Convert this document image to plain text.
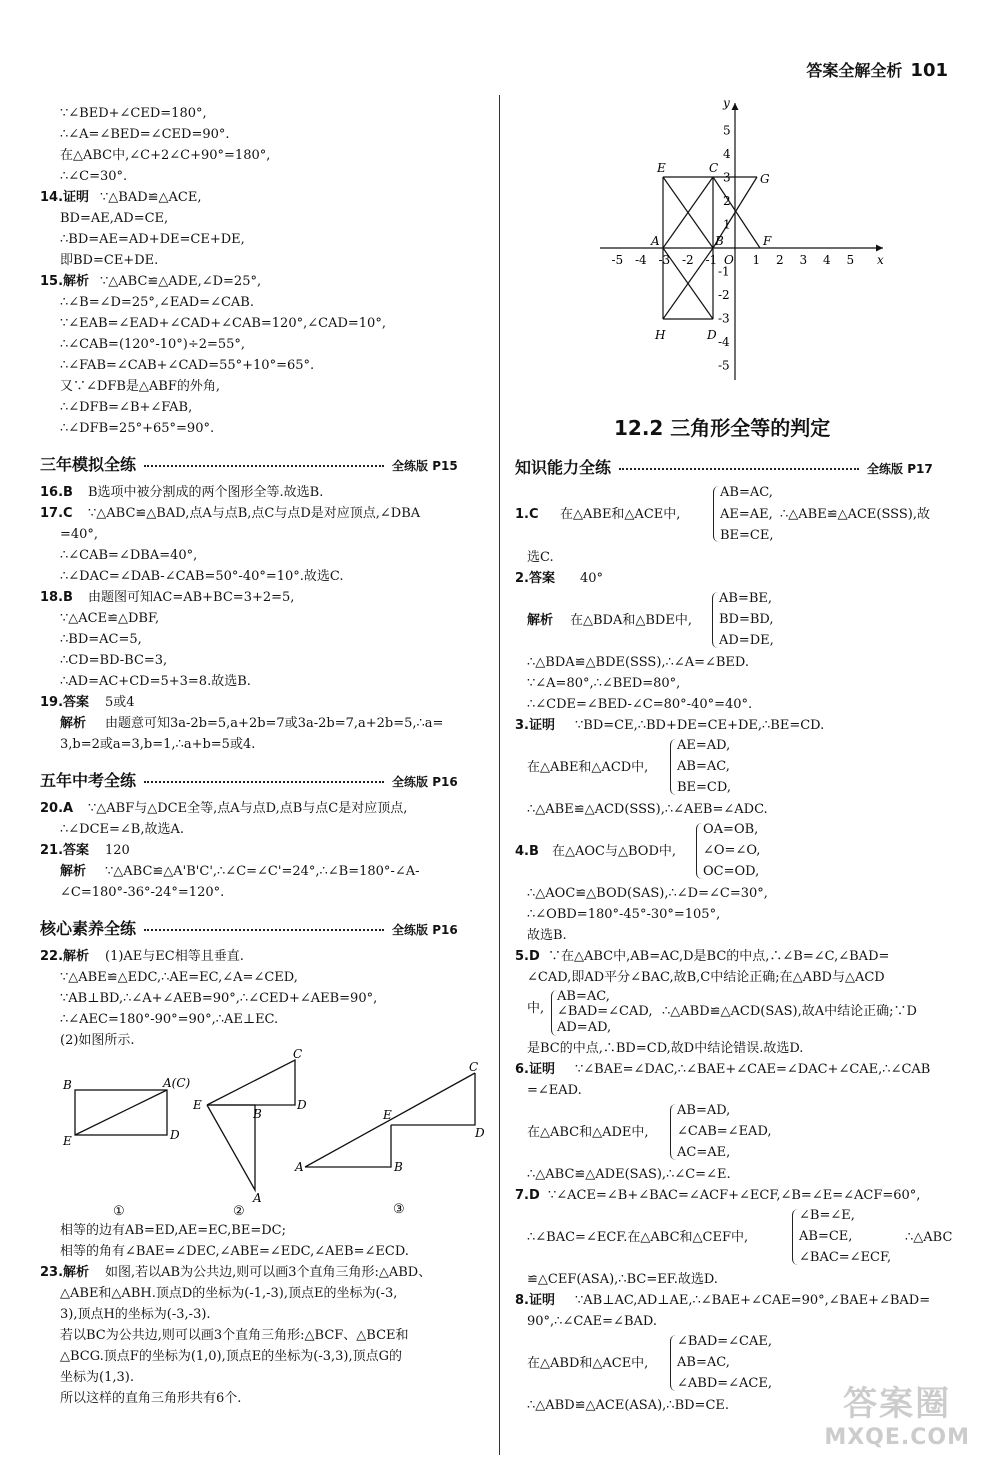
答案全解全析 101
∵∠BED+∠CED=180°,
∴∠A=∠BED=∠CED=90°.
在△ABC中,∠C+2∠C+90°=180°,
∴∠C=30°.
14.证明 ∵△BAD≌△ACE,
BD=AE,AD=CE,
∴BD=AE=AD+DE=CE+DE,
即BD=CE+DE.
15.解析 ∵△ABC≌△ADE,∠D=25°,
∴∠B=∠D=25°,∠EAD=∠CAB.
∵∠EAB=∠EAD+∠CAD+∠CAB=120°,∠CAD=10°,
∴∠CAB=(120°-10°)÷2=55°,
∴∠FAB=∠CAB+∠CAD=55°+10°=65°.
又∵∠DFB是△ABF的外角,
∴∠DFB=∠B+∠FAB,
∴∠DFB=25°+65°=90°.
三年模拟全练	全练版 P15
16.B B选项中被分割成的两个图形全等.故选B.
17.C ∵△ABC≌△BAD,点A与点B,点C与点D是对应顶点,∠DBA
=40°,
∴∠CAB=∠DBA=40°,
∴∠DAC=∠DAB-∠CAB=50°-40°=10°.故选C.
18.B 由题图可知AC=AB+BC=3+2=5,
∵△ACE≌△DBF,
∴BD=AC=5,
∴CD=BD-BC=3,
∴AD=AC+CD=5+3=8.故选B.
19.答案 5或4
解析 由题意可知3a-2b=5,a+2b=7或3a-2b=7,a+2b=5,∴a=
3,b=2或a=3,b=1,∴a+b=5或4.
五年中考全练	全练版 P16
20.A ∵△ABF与△DCE全等,点A与点D,点B与点C是对应顶点,
∴∠DCE=∠B,故选A.
21.答案 120
解析 ∵△ABC≌△A'B'C',∴∠C=∠C'=24°,∴∠B=180°-∠A-
∠C=180°-36°-24°=120°.
核心素养全练	全练版 P16
22.解析 (1)AE与EC相等且垂直.
∵△ABE≌△EDC,∴AE=EC,∠A=∠CED,
∵AB⊥BD,∴∠A+∠AEB=90°,∴∠CED+∠AEB=90°,
∴∠AEC=180°-90°=90°,∴AE⊥EC.
(2)如图所示.
B	A(C)
E	D
①
C
E
B
D
A
②
C
E
D
A	B
③
相等的边有AB=ED,AE=EC,BE=DC;
相等的角有∠BAE=∠DEC,∠ABE=∠EDC,∠AEB=∠ECD.
23.解析 如图,若以AB为公共边,则可以画3个直角三角形:△ABD、
△ABE和△ABH.顶点D的坐标为(-1,-3),顶点E的坐标为(-3,
3),顶点H的坐标为(-3,-3).
若以BC为公共边,则可以画3个直角三角形:△BCF、△BCE和
△BCG.顶点F的坐标为(1,0),顶点E的坐标为(-3,3),顶点G的
坐标为(1,3).
所以这样的直角三角形共有6个.
-5 -4 -3 -2 -1 O 1 2 3 4 5 x
5
4
3
2
1
-1
-2
-3
-4
-5
y
E	C
G
A	B	F
H	D
12.2 三角形全等的判定
知识能力全练	全练版 P17
1.C 在△ABE和△ACE中,
AB=AC,
AE=AE,
BE=CE,
∴△ABE≌△ACE(SSS),故
选C.
2.答案 40°
解析 在△BDA和△BDE中,
AB=BE,
BD=BD,
AD=DE,
∴△BDA≌△BDE(SSS),∴∠A=∠BED.
∵∠A=80°,∴∠BED=80°,
∴∠CDE=∠BED-∠C=80°-40°=40°.
3.证明 ∵BD=CE,∴BD+DE=CE+DE,∴BE=CD.
在△ABE和△ACD中,
AE=AD,
AB=AC,
BE=CD,
∴△ABE≌△ACD(SSS),∴∠AEB=∠ADC.
4.B 在△AOC与△BOD中,
OA=OB,
∠O=∠O,
OC=OD,
∴△AOC≌△BOD(SAS),∴∠D=∠C=30°,
∴∠OBD=180°-45°-30°=105°,
故选B.
5.D ∵在△ABC中,AB=AC,D是BC的中点,∴∠B=∠C,∠BAD=
∠CAD,即AD平分∠BAC,故B,C中结论正确;在△ABD与△ACD
中,
AB=AC,
∠BAD=∠CAD,
AD=AD,
∴△ABD≌△ACD(SAS),故A中结论正确;∵D
是BC的中点,∴BD=CD,故D中结论错误.故选D.
6.证明 ∵∠BAE=∠DAC,∴∠BAE+∠CAE=∠DAC+∠CAE,∴∠CAB
=∠EAD.
在△ABC和△ADE中,
AB=AD,
∠CAB=∠EAD,
AC=AE,
∴△ABC≌△ADE(SAS),∴∠C=∠E.
7.D ∵∠ACE=∠B+∠BAC=∠ACF+∠ECF,∠B=∠E=∠ACF=60°,
∴∠BAC=∠ECF.在△ABC和△CEF中,
∠B=∠E,
AB=CE,
∠BAC=∠ECF,
∴△ABC
≌△CEF(ASA),∴BC=EF.故选D.
8.证明 ∵AB⊥AC,AD⊥AE,∴∠BAE+∠CAE=90°,∠BAE+∠BAD=
90°,∴∠CAE=∠BAD.
在△ABD和△ACE中,
∠BAD=∠CAE,
AB=AC,
∠ABD=∠ACE,
∴△ABD≌△ACE(ASA),∴BD=CE.	答案圈
MXQE.COM
